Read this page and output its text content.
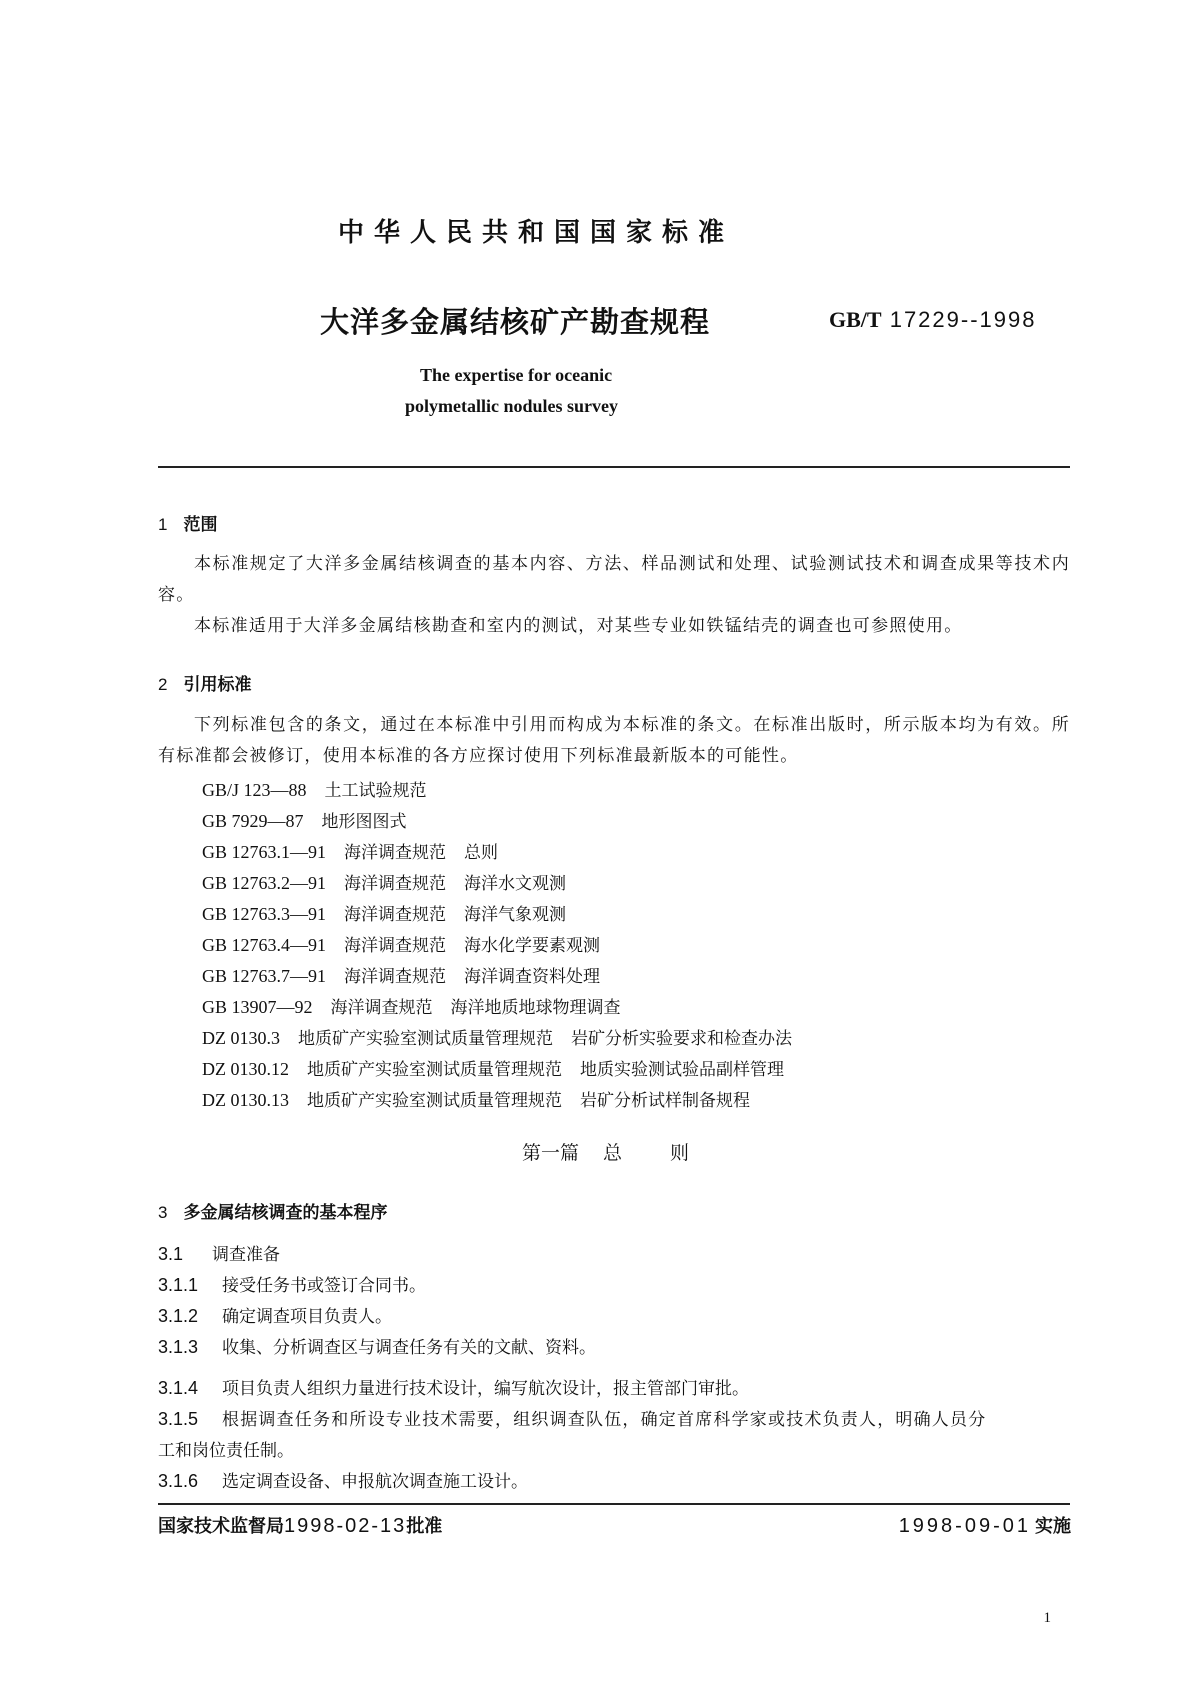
中华人民共和国国家标准
大洋多金属结核矿产勘查规程	GB/T 17229--1998
The expertise for oceanic
polymetallic nodules survey
1 范围
本标准规定了大洋多金属结核调查的基本内容、方法、样品测试和处理、试验测试技术和调查成果等技术内容。
本标准适用于大洋多金属结核勘查和室内的测试，对某些专业如铁锰结壳的调查也可参照使用。
2 引用标准
下列标准包含的条文，通过在本标准中引用而构成为本标准的条文。在标准出版时，所示版本均为有效。所有标准都会被修订，使用本标准的各方应探讨使用下列标准最新版本的可能性。
GB/J 123—88 土工试验规范
GB 7929—87 地形图图式
GB 12763.1—91 海洋调查规范 总则
GB 12763.2—91 海洋调查规范 海洋水文观测
GB 12763.3—91 海洋调查规范 海洋气象观测
GB 12763.4—91 海洋调查规范 海水化学要素观测
GB 12763.7—91 海洋调查规范 海洋调查资料处理
GB 13907—92 海洋调查规范 海洋地质地球物理调查
DZ 0130.3 地质矿产实验室测试质量管理规范 岩矿分析实验要求和检查办法
DZ 0130.12 地质矿产实验室测试质量管理规范 地质实验测试验品副样管理
DZ 0130.13 地质矿产实验室测试质量管理规范 岩矿分析试样制备规程
第一篇 总	则
3 多金属结核调查的基本程序
3.1 调查准备
3.1.1 接受任务书或签订合同书。
3.1.2 确定调查项目负责人。
3.1.3 收集、分析调查区与调查任务有关的文献、资料。
3.1.4 项目负责人组织力量进行技术设计，编写航次设计，报主管部门审批。
3.1.5 根据调查任务和所设专业技术需要，组织调查队伍，确定首席科学家或技术负责人，明确人员分
工和岗位责任制。
3.1.6 选定调查设备、申报航次调查施工设计。
国家技术监督局1998-02-13批准	1998-09-01 实施
1
